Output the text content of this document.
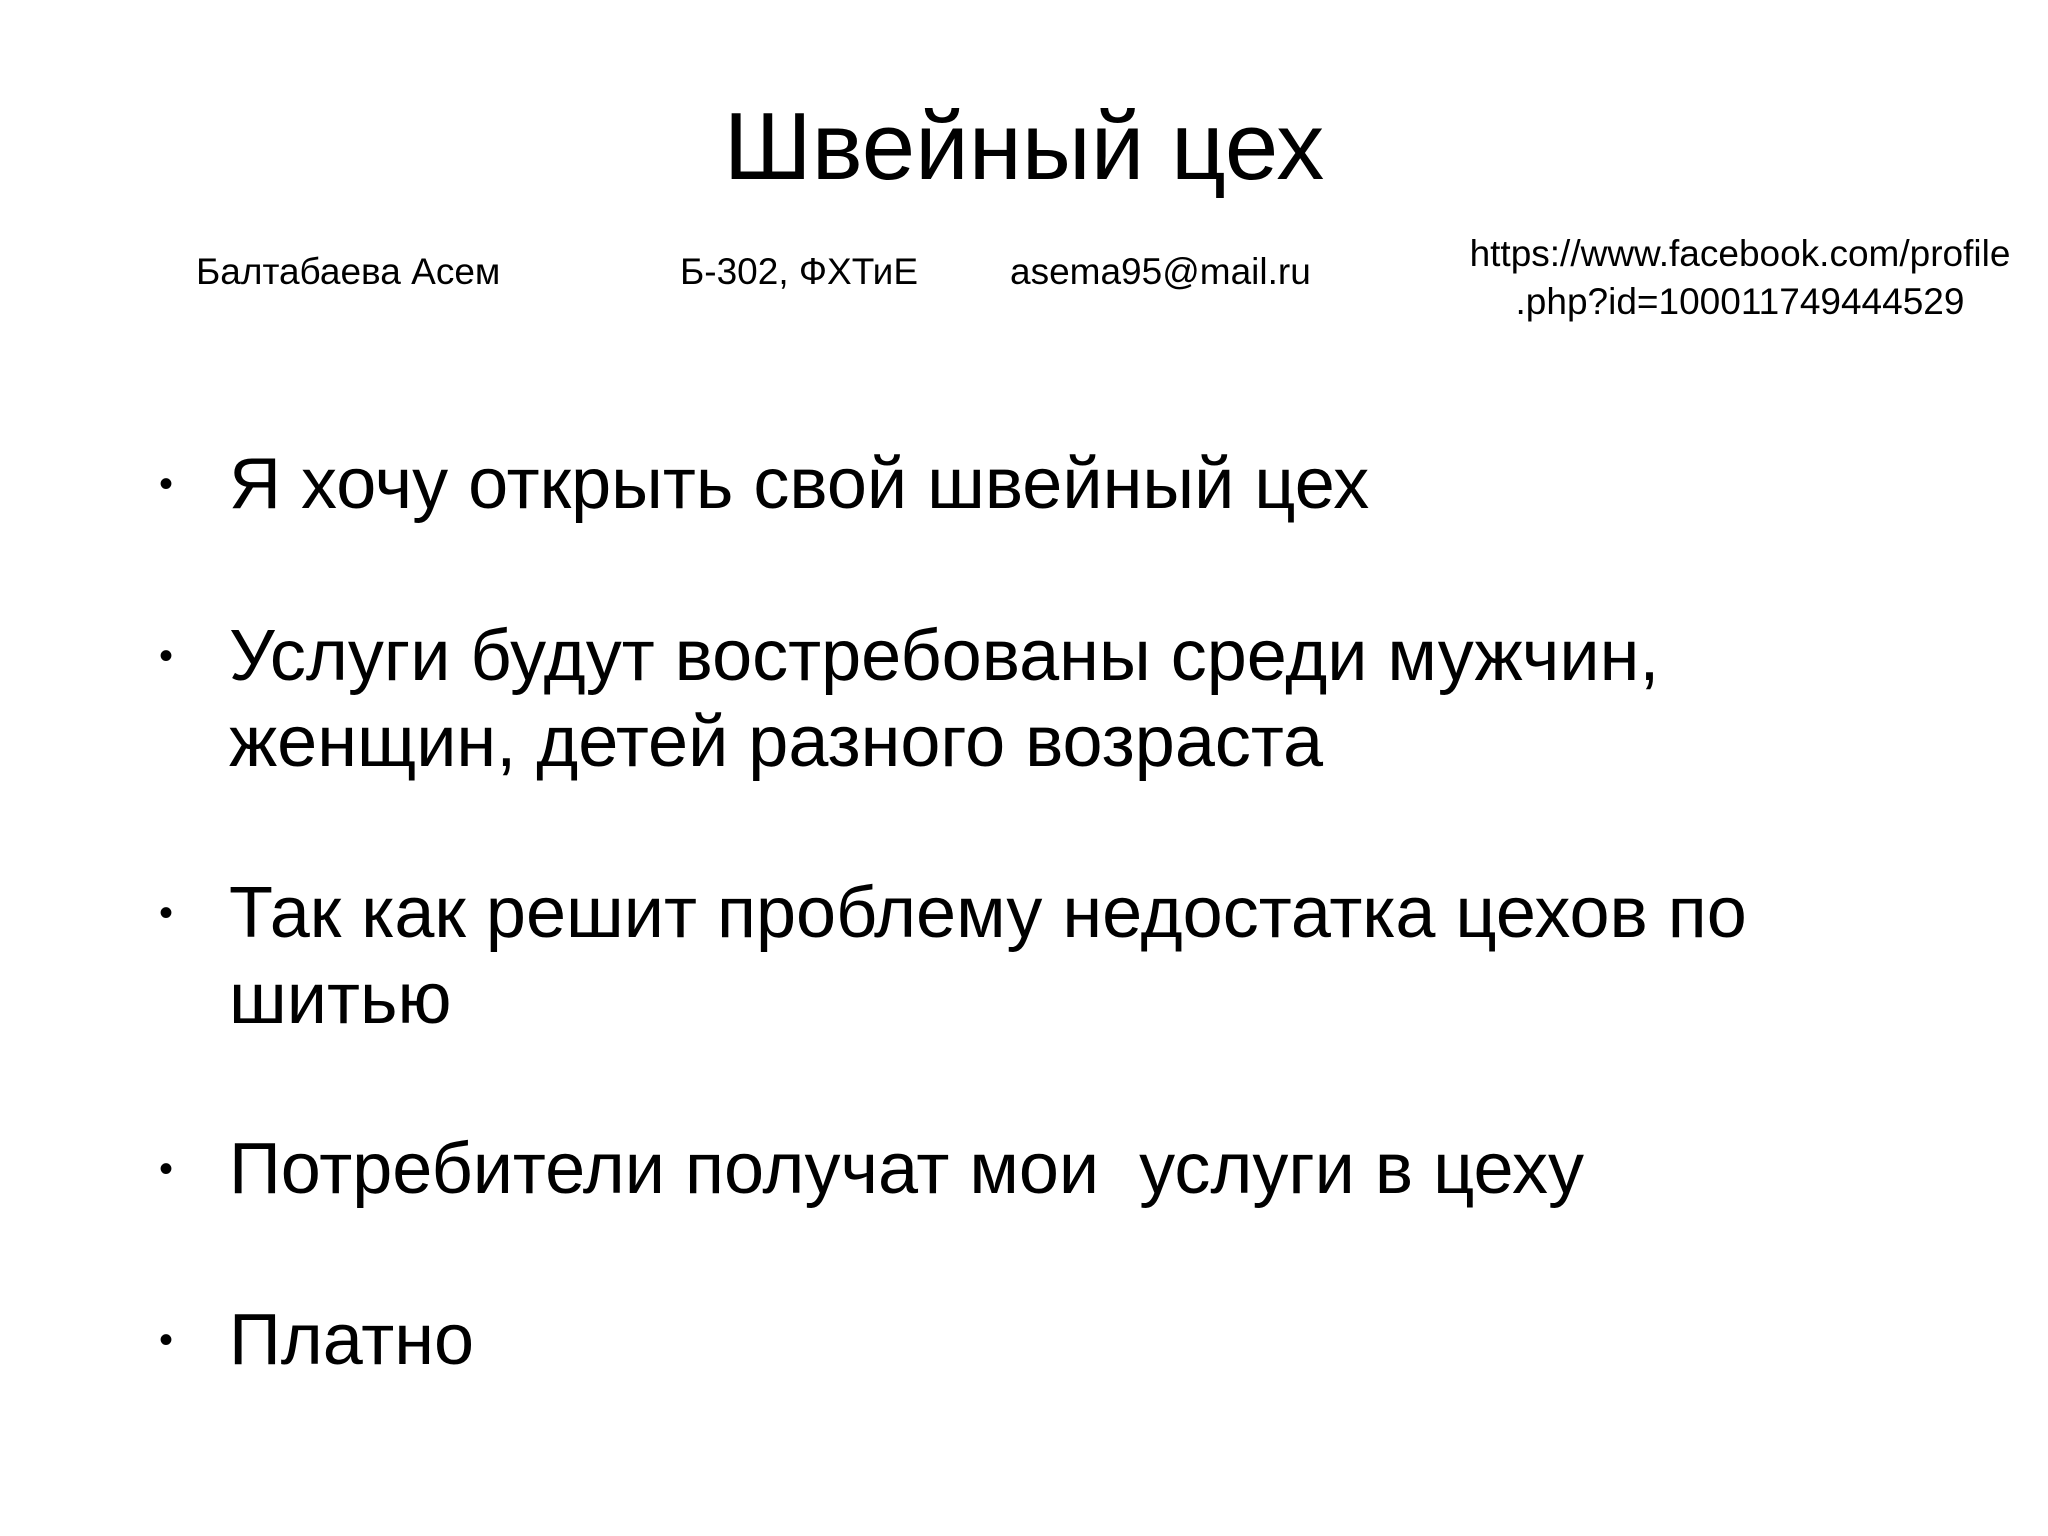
Швейный цех
Балтабаева Асем	Б-302, ФХТиЕ asema95@mail.ru	https://www.facebook.com/profile
.php?id=100011749444529
• Я хочу открыть свой швейный цех
• Услуги будут востребованы среди мужчин,
женщин, детей разного возраста
• Так как решит проблему недостатка цехов по
шитью
• Потребители получат мои  услуги в цеху
• Платно
